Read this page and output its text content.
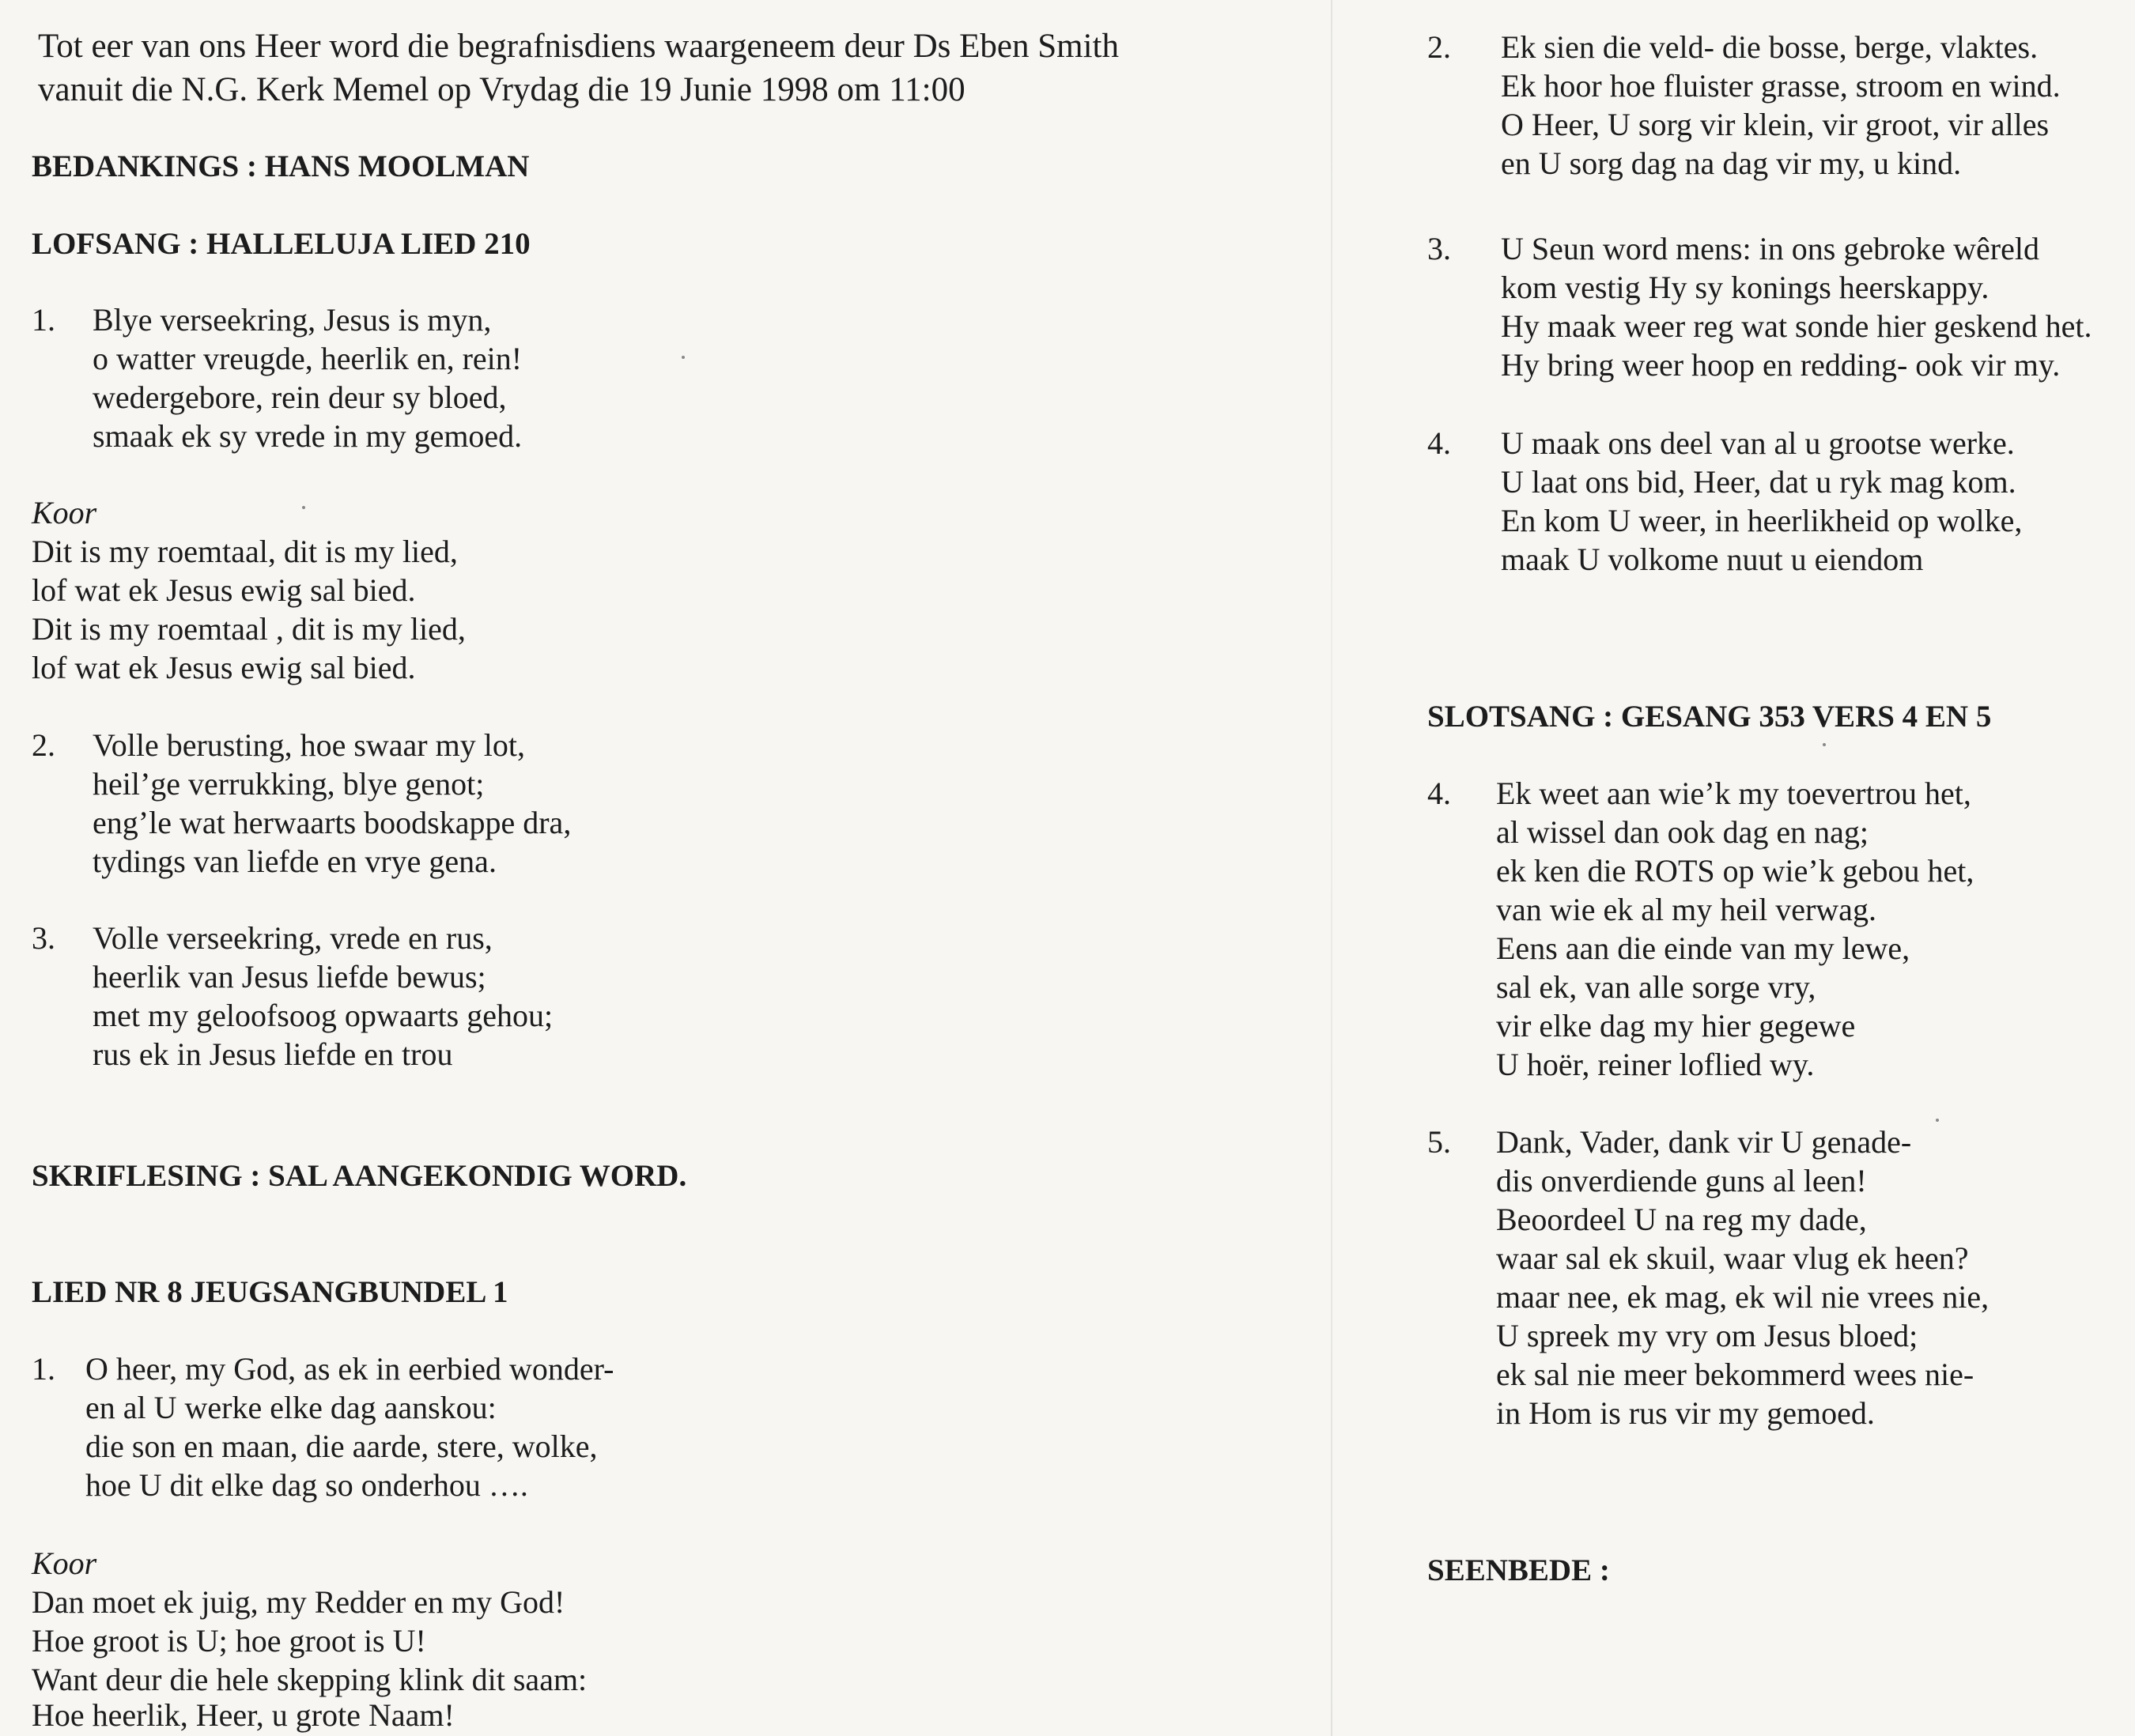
Tot eer van ons Heer word die begrafnisdiens waargeneem deur Ds Eben Smith
vanuit die N.G. Kerk Memel op Vrydag die 19 Junie 1998 om 11:00
BEDANKINGS : HANS MOOLMAN
LOFSANG : HALLELUJA LIED 210
1. Blye verseekring, Jesus is myn,
o watter vreugde, heerlik en, rein!
wedergebore, rein deur sy bloed,
smaak ek sy vrede in my gemoed.
Koor
Dit is my roemtaal, dit is my lied,
lof wat ek Jesus ewig sal bied.
Dit is my roemtaal , dit is my lied,
lof wat ek Jesus ewig sal bied.
2. Volle berusting, hoe swaar my lot,
heil’ge verrukking, blye genot;
eng’le wat herwaarts boodskappe dra,
tydings van liefde en vrye gena.
3. Volle verseekring, vrede en rus,
heerlik van Jesus liefde bewus;
met my geloofsoog opwaarts gehou;
rus ek in Jesus liefde en trou
SKRIFLESING : SAL AANGEKONDIG WORD.
LIED NR 8 JEUGSANGBUNDEL 1
1. O heer, my God, as ek in eerbied wonder-
en al U werke elke dag aanskou:
die son en maan, die aarde, stere, wolke,
hoe U dit elke dag so onderhou ….
Koor
Dan moet ek juig, my Redder en my God!
Hoe groot is U; hoe groot is U!
Want deur die hele skepping klink dit saam:
Hoe heerlik, Heer, u grote Naam!
2. Ek sien die veld- die bosse, berge, vlaktes.
Ek hoor hoe fluister grasse, stroom en wind.
O Heer, U sorg vir klein, vir groot, vir alles
en U sorg dag na dag vir my, u kind.
3. U Seun word mens: in ons gebroke wêreld
kom vestig Hy sy konings heerskappy.
Hy maak weer reg wat sonde hier geskend het.
Hy bring weer hoop en redding- ook vir my.
4. U maak ons deel van al u grootse werke.
U laat ons bid, Heer, dat u ryk mag kom.
En kom U weer, in heerlikheid op wolke,
maak U volkome nuut u eiendom
SLOTSANG : GESANG 353 VERS 4 EN 5
4. Ek weet aan wie’k my toevertrou het,
al wissel dan ook dag en nag;
ek ken die ROTS op wie’k gebou het,
van wie ek al my heil verwag.
Eens aan die einde van my lewe,
sal ek, van alle sorge vry,
vir elke dag my hier gegewe
U hoër, reiner loflied wy.
5. Dank, Vader, dank vir U genade-
dis onverdiende guns al leen!
Beoordeel U na reg my dade,
waar sal ek skuil, waar vlug ek heen?
maar nee, ek mag, ek wil nie vrees nie,
U spreek my vry om Jesus bloed;
ek sal nie meer bekommerd wees nie-
in Hom is rus vir my gemoed.
SEENBEDE :
